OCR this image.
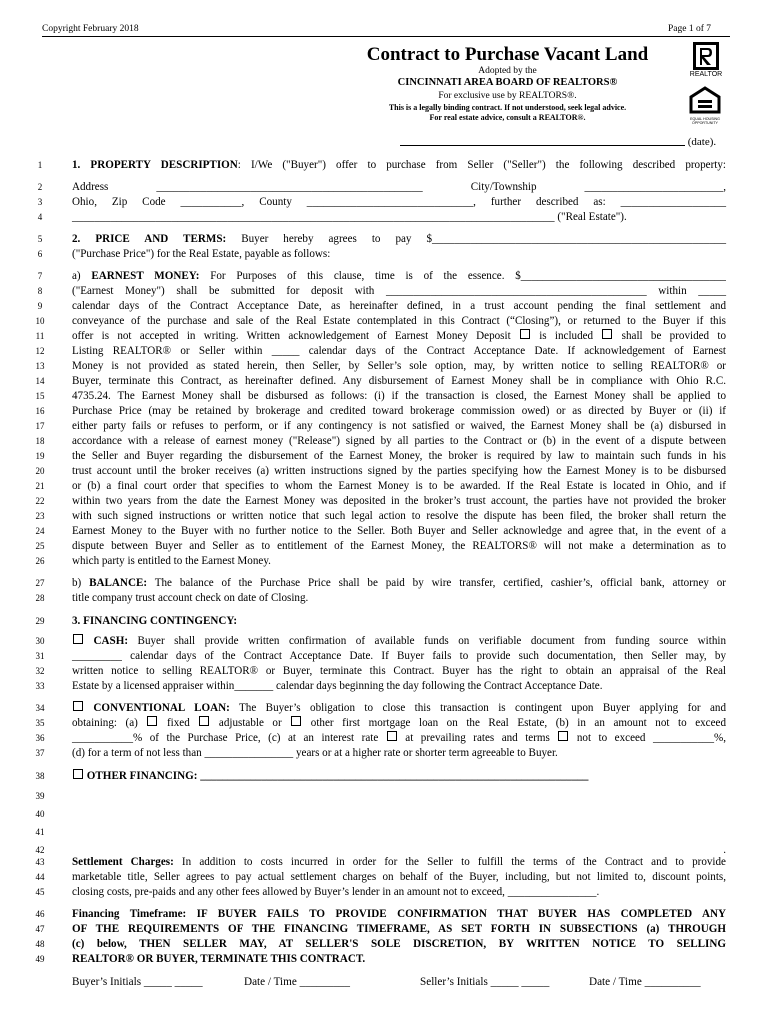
Copyright February 2018	Page 1 of 7
Contract to Purchase Vacant Land
Adopted by the
CINCINNATI AREA BOARD OF REALTORS®
For exclusive use by REALTORS®.
This is a legally binding contract. If not understood, seek legal advice.
For real estate advice, consult a REALTOR®.
REALTOR
EQUAL HOUSING OPPORTUNITY
(date).
1	1. PROPERTY DESCRIPTION: I/We ("Buyer") offer to purchase from Seller ("Seller") the following described property:
2	Address ________________________________________________ City/Township _________________________,
3	Ohio, Zip Code ___________, County ______________________________, further described as: ___________________
4	_______________________________________________________________________________________ ("Real Estate").
5	2. PRICE AND TERMS: Buyer hereby agrees to pay $_____________________________________________________
6	("Purchase Price") for the Real Estate, payable as follows:
7	a) EARNEST MONEY: For Purposes of this clause, time is of the essence. $_____________________________________
8	("Earnest Money") shall be submitted for deposit with _______________________________________________ within _____
9	calendar days of the Contract Acceptance Date, as hereinafter defined, in a trust account pending the final settlement and
10	conveyance of the purchase and sale of the Real Estate contemplated in this Contract (“Closing”), or returned to the Buyer if this
11	offer is not accepted in writing. Written acknowledgement of Earnest Money Deposit  is included  shall be provided to
12	Listing REALTOR® or Seller within _____ calendar days of the Contract Acceptance Date. If acknowledgement of Earnest
13	Money is not provided as stated herein, then Seller, by Seller’s sole option, may, by written notice to selling REALTOR® or
14	Buyer, terminate this Contract, as hereinafter defined. Any disbursement of Earnest Money shall be in compliance with Ohio R.C.
15	4735.24. The Earnest Money shall be disbursed as follows: (i) if the transaction is closed, the Earnest Money shall be applied to
16	Purchase Price (may be retained by brokerage and credited toward brokerage commission owed) or as directed by Buyer or (ii) if
17	either party fails or refuses to perform, or if any contingency is not satisfied or waived, the Earnest Money shall be (a) disbursed in
18	accordance with a release of earnest money ("Release") signed by all parties to the Contract or (b) in the event of a dispute between
19	the Seller and Buyer regarding the disbursement of the Earnest Money, the broker is required by law to maintain such funds in his
20	trust account until the broker receives (a) written instructions signed by the parties specifying how the Earnest Money is to be disbursed
21	or (b) a final court order that specifies to whom the Earnest Money is to be awarded. If the Real Estate is located in Ohio, and if
22	within two years from the date the Earnest Money was deposited in the broker’s trust account, the parties have not provided the broker
23	with such signed instructions or written notice that such legal action to resolve the dispute has been filed, the broker shall return the
24	Earnest Money to the Buyer with no further notice to the Seller. Both Buyer and Seller acknowledge and agree that, in the event of a
25	dispute between Buyer and Seller as to entitlement of the Earnest Money, the REALTORS® will not make a determination as to
26	which party is entitled to the Earnest Money.
27	b) BALANCE: The balance of the Purchase Price shall be paid by wire transfer, certified, cashier’s, official bank, attorney or
28	title company trust account check on date of Closing.
29	3. FINANCING CONTINGENCY:
30	CASH: Buyer shall provide written confirmation of available funds on verifiable document from funding source within
31	_________ calendar days of the Contract Acceptance Date. If Buyer fails to provide such documentation, then Seller may, by
32	written notice to selling REALTOR® or Buyer, terminate this Contract. Buyer has the right to obtain an appraisal of the Real
33	Estate by a licensed appraiser within_______ calendar days beginning the day following the Contract Acceptance Date.
34	CONVENTIONAL LOAN: The Buyer’s obligation to close this transaction is contingent upon Buyer applying for and
35	obtaining: (a)  fixed  adjustable or  other first mortgage loan on the Real Estate, (b) in an amount not to exceed
36	___________% of the Purchase Price, (c) at an interest rate  at prevailing rates and terms  not to exceed ___________%,
37	(d) for a term of not less than ________________ years or at a higher rate or shorter term agreeable to Buyer.
38	OTHER FINANCING: ______________________________________________________________________
39
40
41
42	.
43	Settlement Charges: In addition to costs incurred in order for the Seller to fulfill the terms of the Contract and to provide
44	marketable title, Seller agrees to pay actual settlement charges on behalf of the Buyer, including, but not limited to, discount points,
45	closing costs, pre-paids and any other fees allowed by Buyer’s lender in an amount not to exceed, ________________.
46	Financing Timeframe: IF BUYER FAILS TO PROVIDE CONFIRMATION THAT BUYER HAS COMPLETED ANY
47	OF THE REQUIREMENTS OF THE FINANCING TIMEFRAME, AS SET FORTH IN SUBSECTIONS (a) THROUGH
48	(c) below, THEN SELLER MAY, AT SELLER'S SOLE DISCRETION, BY WRITTEN NOTICE TO SELLING
49	REALTOR® OR BUYER, TERMINATE THIS CONTRACT.
Buyer’s Initials _____ _____	Date / Time _________	Seller’s Initials _____ _____	Date / Time __________
